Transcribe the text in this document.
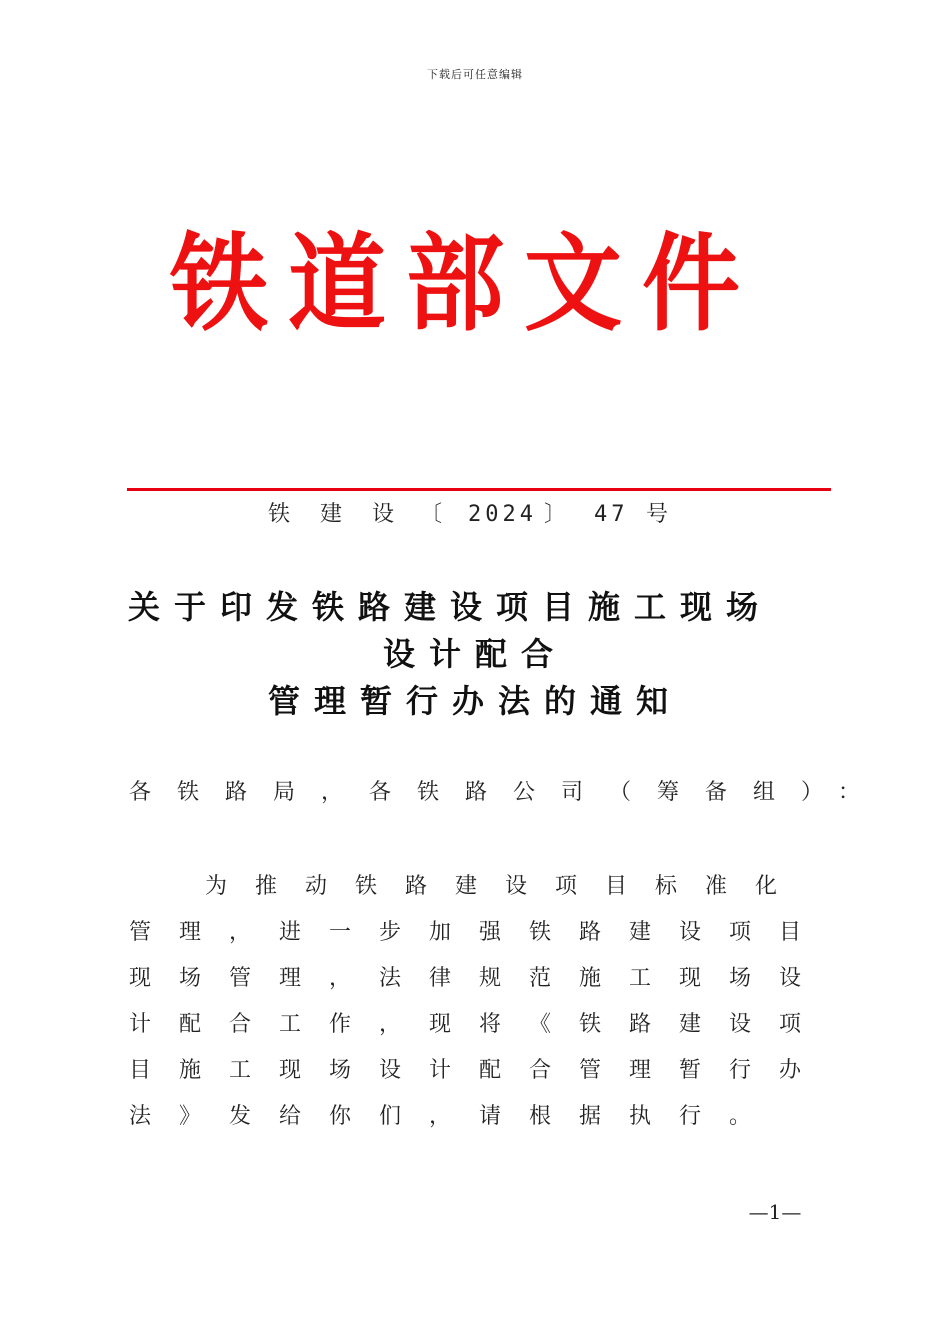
下载后可任意编辑
铁道部文件
铁 建 设 〔 2024 〕 47 号
关于印发铁路建设项目施工现场
设计配合
管理暂行办法的通知
各铁路局，各铁路公司（筹备组）：
为推动铁路建设项目标准化
管理，进一步加强铁路建设项目
现场管理，法律规范施工现场设
计配合工作，现将《铁路建设项
目施工现场设计配合管理暂行办
法》发给你们，请根据执行。
—1—
